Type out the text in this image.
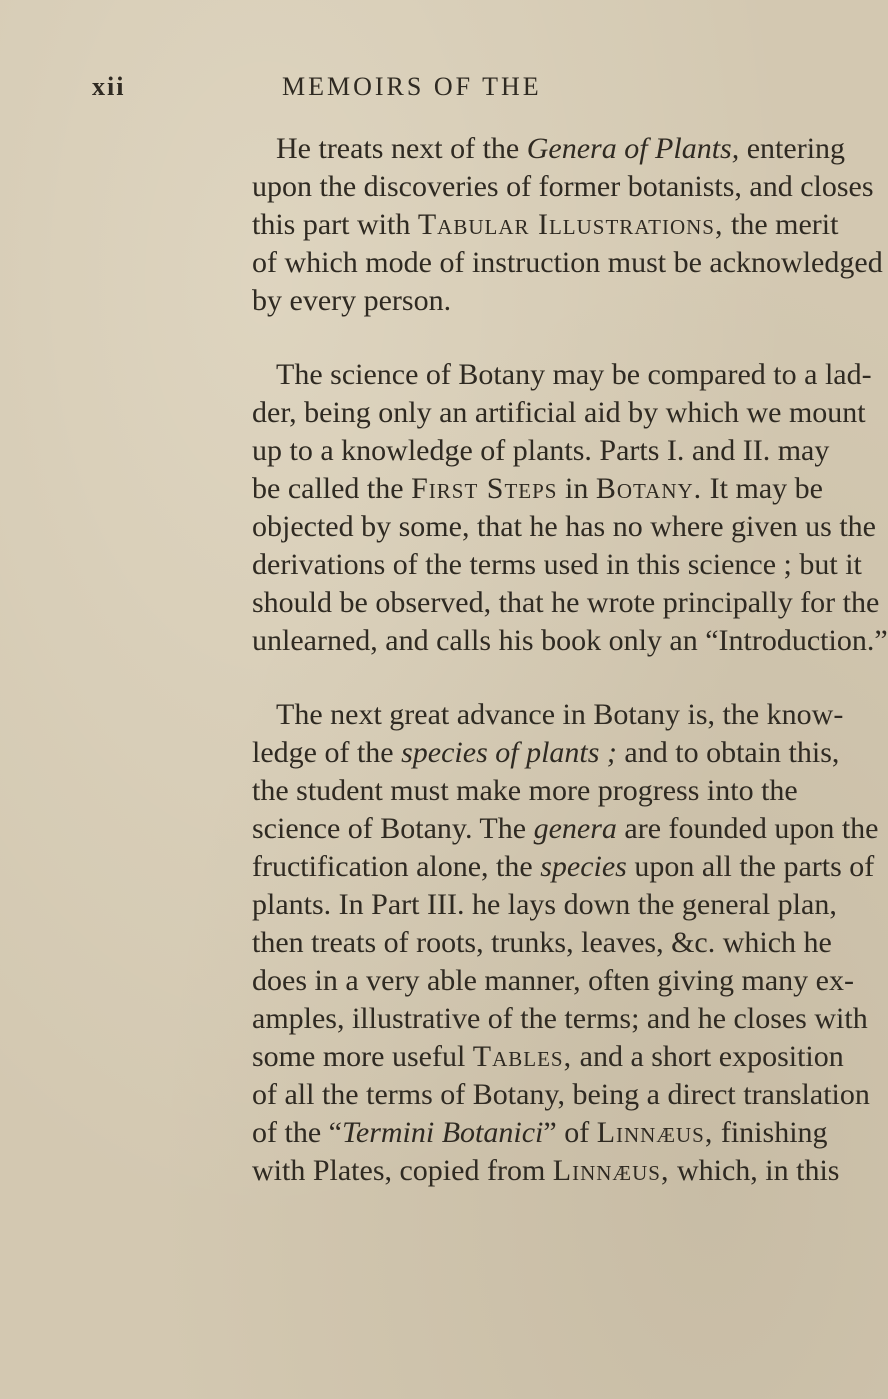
xii	MEMOIRS OF THE
He treats next of the Genera of Plants, entering
upon the discoveries of former botanists, and closes
this part with Tabular Illustrations, the merit
of which mode of instruction must be acknowledged
by every person.
The science of Botany may be compared to a lad-
der, being only an artificial aid by which we mount
up to a knowledge of plants. Parts I. and II. may
be called the First Steps in Botany. It may be
objected by some, that he has no where given us the
derivations of the terms used in this science ; but it
should be observed, that he wrote principally for the
unlearned, and calls his book only an “Introduction.”
The next great advance in Botany is, the know-
ledge of the species of plants ; and to obtain this,
the student must make more progress into the
science of Botany. The genera are founded upon the
fructification alone, the species upon all the parts of
plants. In Part III. he lays down the general plan,
then treats of roots, trunks, leaves, &c. which he
does in a very able manner, often giving many ex-
amples, illustrative of the terms; and he closes with
some more useful Tables, and a short exposition
of all the terms of Botany, being a direct translation
of the “Termini Botanici” of Linnæus, finishing
with Plates, copied from Linnæus, which, in this
